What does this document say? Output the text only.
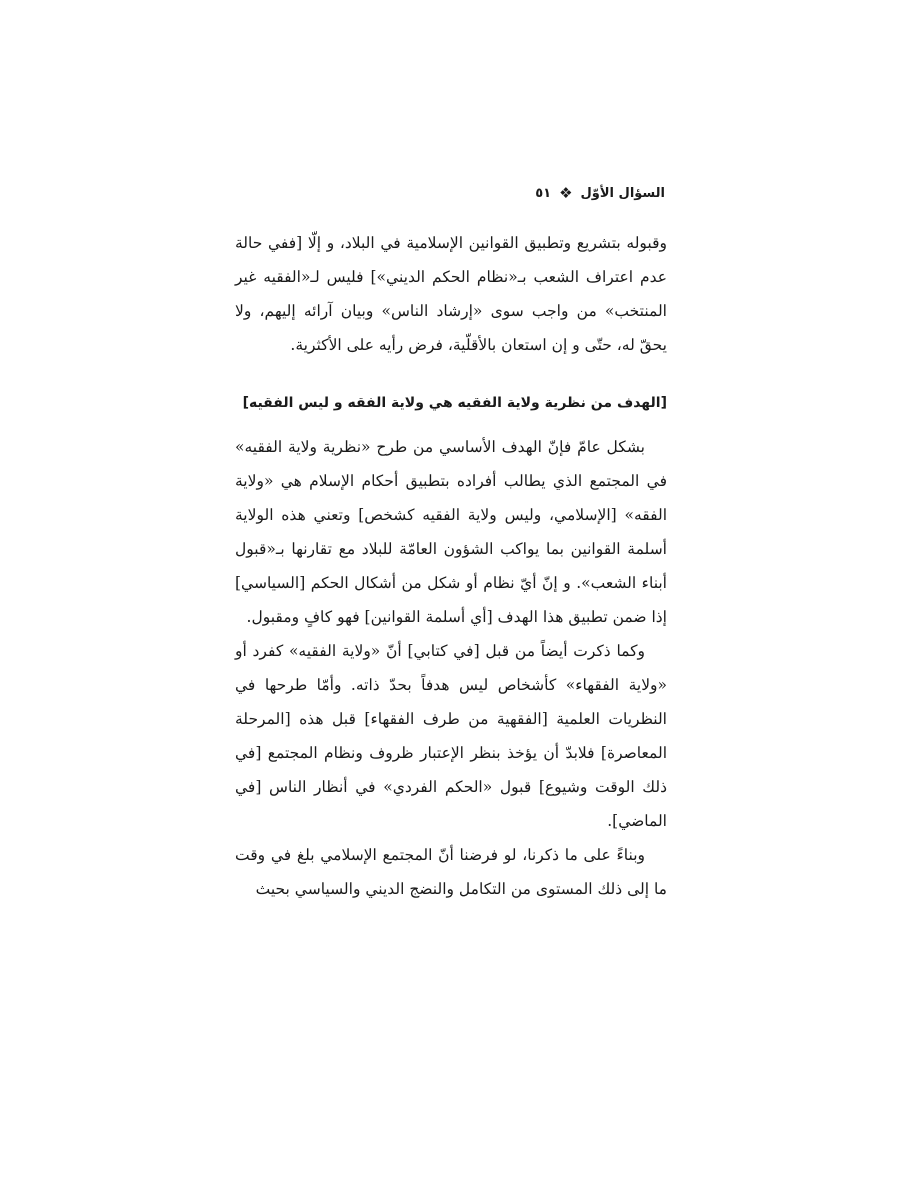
السؤال الأوّل
❖
٥١

وقبوله بتشريع وتطبيق القوانين الإسلامية في البلاد، و إلّا [ففي حالة عدم اعتراف الشعب بـ«نظام الحكم الديني»] فليس لـ«الفقيه غير المنتخب» من واجب سوى «إرشاد الناس» وبيان آرائه إليهم، ولا يحقّ له، حتّى و إن استعان بالأقلّية، فرض رأيه على الأكثرية.

[الهدف من نظرية ولاية الفقيه هي ولاية الفقه و ليس الفقيه]

بشكل عامّ فإنّ الهدف الأساسي من طرح «نظرية ولاية الفقيه» في المجتمع الذي يطالب أفراده بتطبيق أحكام الإسلام هي «ولاية الفقه» [الإسلامي، وليس ولاية الفقيه كشخص] وتعني هذه الولاية أسلمة القوانين بما يواكب الشؤون العامّة للبلاد مع تقارنها بـ«قبول أبناء الشعب». و إنّ أيّ نظام أو شكل من أشكال الحكم [السياسي] إذا ضمن تطبيق هذا الهدف [أي أسلمة القوانين] فهو كافٍ ومقبول.

وكما ذكرت أيضاً من قبل [في كتابي] أنّ «ولاية الفقيه» كفرد أو «ولاية الفقهاء» كأشخاص ليس هدفاً بحدّ ذاته. وأمّا طرحها في النظريات العلمية [الفقهية من طرف الفقهاء] قبل هذه [المرحلة المعاصرة] فلابدّ أن يؤخذ بنظر الإعتبار ظروف ونظام المجتمع [في ذلك الوقت وشيوع] قبول «الحكم الفردي» في أنظار الناس [في الماضي].

وبناءً على ما ذكرنا، لو فرضنا أنّ المجتمع الإسلامي بلغ في وقت ما إلى ذلك المستوى من التكامل والنضج الديني والسياسي بحيث
